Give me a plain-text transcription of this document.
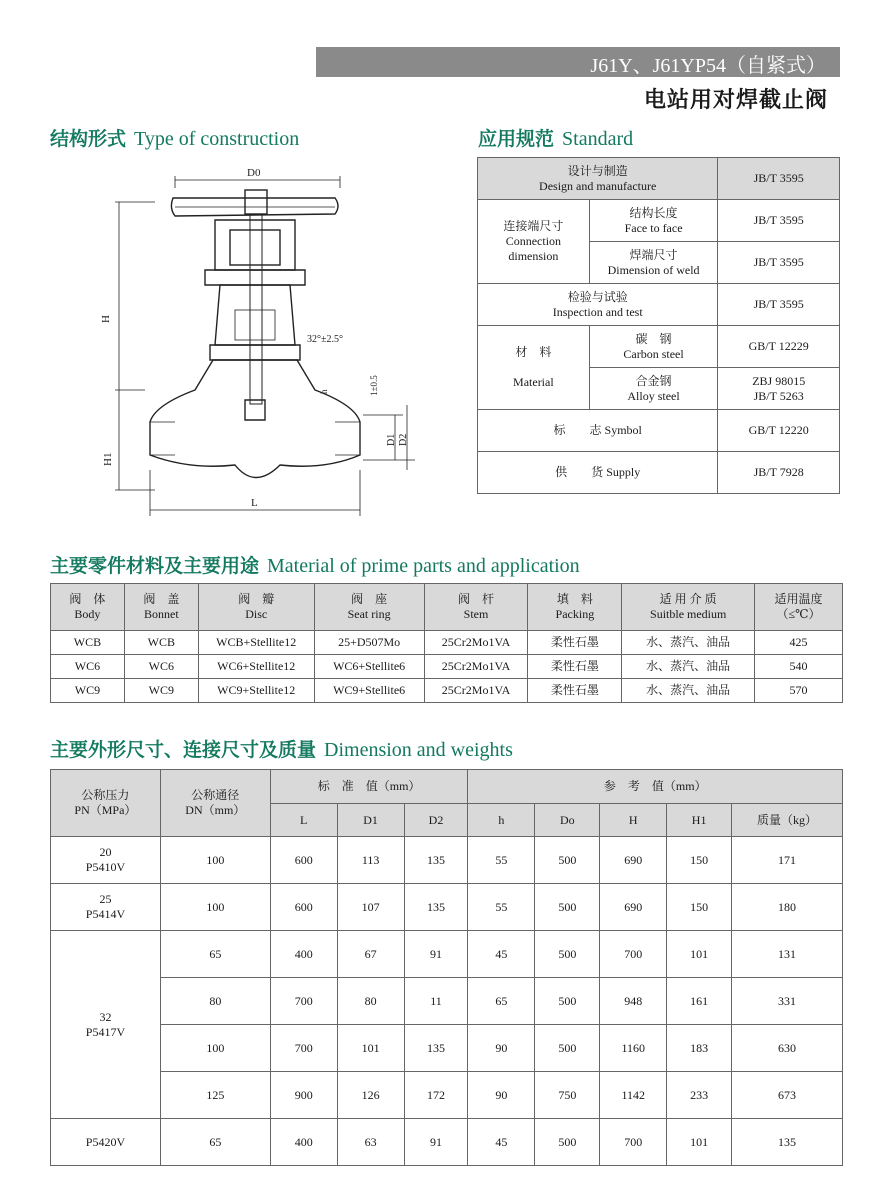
J61Y、J61YP54（自紧式）
电站用对焊截止阀
结构形式 Type of construction	应用规范 Standard
D0
H
H1
L
32°±2.5°
D1 D2
1±0.5
h
设计与制造
Design and manufacture		JB/T 3595
连接端尺寸
Connection
dimension	结构长度
Face to face	JB/T 3595
	焊端尺寸
Dimension of weld	JB/T 3595
检验与试验
Inspection and test		JB/T 3595
材　料

Material	碳　钢
Carbon steel	GB/T 12229
	合金钢
Alloy steel	ZBJ 98015
JB/T 5263
标　　志 Symbol		GB/T 12220
供　　货 Supply		JB/T 7928
主要零件材料及主要用途 Material of prime parts and application
阀　体
Body	阀　盖
Bonnet	阀　瓣
Disc	阀　座
Seat ring	阀　杆
Stem	填　料
Packing	适 用 介 质
Suitble medium	适用温度
（≤℃）
WCB	WCB	WCB+Stellite12	25+D507Mo	25Cr2Mo1VA	柔性石墨	水、蒸汽、油品	425
WC6	WC6	WC6+Stellite12	WC6+Stellite6	25Cr2Mo1VA	柔性石墨	水、蒸汽、油品	540
WC9	WC9	WC9+Stellite12	WC9+Stellite6	25Cr2Mo1VA	柔性石墨	水、蒸汽、油品	570
主要外形尺寸、连接尺寸及质量 Dimension and weights
公称压力
PN（MPa）	公称通径
DN（mm）	标　准　值（mm）			参　考　值（mm）				
		L	D1	D2	h	Do	H	H1	质量（kg）
20
P5410V	100	600	113	135	55	500	690	150	171
25
P5414V	100	600	107	135	55	500	690	150	180
32
P5417V	65	400	67	91	45	500	700	101	131
	80	700	80	11	65	500	948	161	331
	100	700	101	135	90	500	1160	183	630
	125	900	126	172	90	750	1142	233	673
P5420V	65	400	63	91	45	500	700	101	135
